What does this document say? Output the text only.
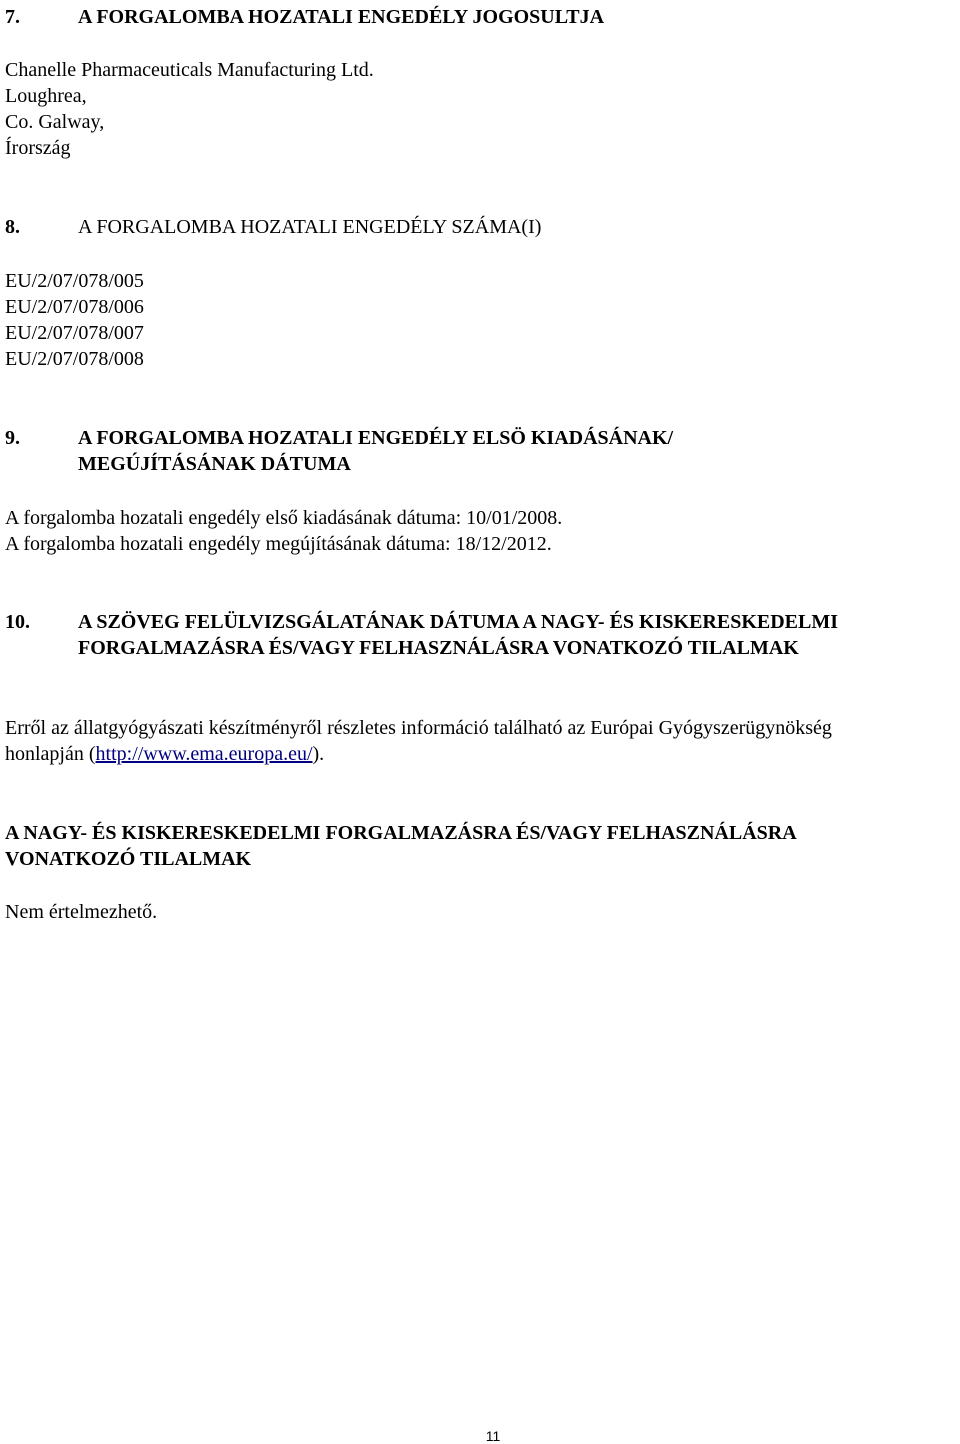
7.	A FORGALOMBA HOZATALI ENGEDÉLY JOGOSULTJA
Chanelle Pharmaceuticals Manufacturing Ltd.
Loughrea,
Co. Galway,
Írország
8.	A FORGALOMBA HOZATALI ENGEDÉLY SZÁMA(I)
EU/2/07/078/005
EU/2/07/078/006
EU/2/07/078/007
EU/2/07/078/008
9.	A FORGALOMBA HOZATALI ENGEDÉLY ELSÖ KIADÁSÁNAK/
MEGÚJÍTÁSÁNAK DÁTUMA
A forgalomba hozatali engedély első kiadásának dátuma: 10/01/2008.
A forgalomba hozatali engedély megújításának dátuma: 18/12/2012.
10. A SZÖVEG FELÜLVIZSGÁLATÁNAK DÁTUMA A NAGY- ÉS KISKERESKEDELMI
FORGALMAZÁSRA ÉS/VAGY FELHASZNÁLÁSRA VONATKOZÓ TILALMAK
Erről az állatgyógyászati készítményről részletes információ található az Európai Gyógyszerügynökség
honlapján (http://www.ema.europa.eu/).
A NAGY- ÉS KISKERESKEDELMI FORGALMAZÁSRA ÉS/VAGY FELHASZNÁLÁSRA
VONATKOZÓ TILALMAK
Nem értelmezhető.
11
